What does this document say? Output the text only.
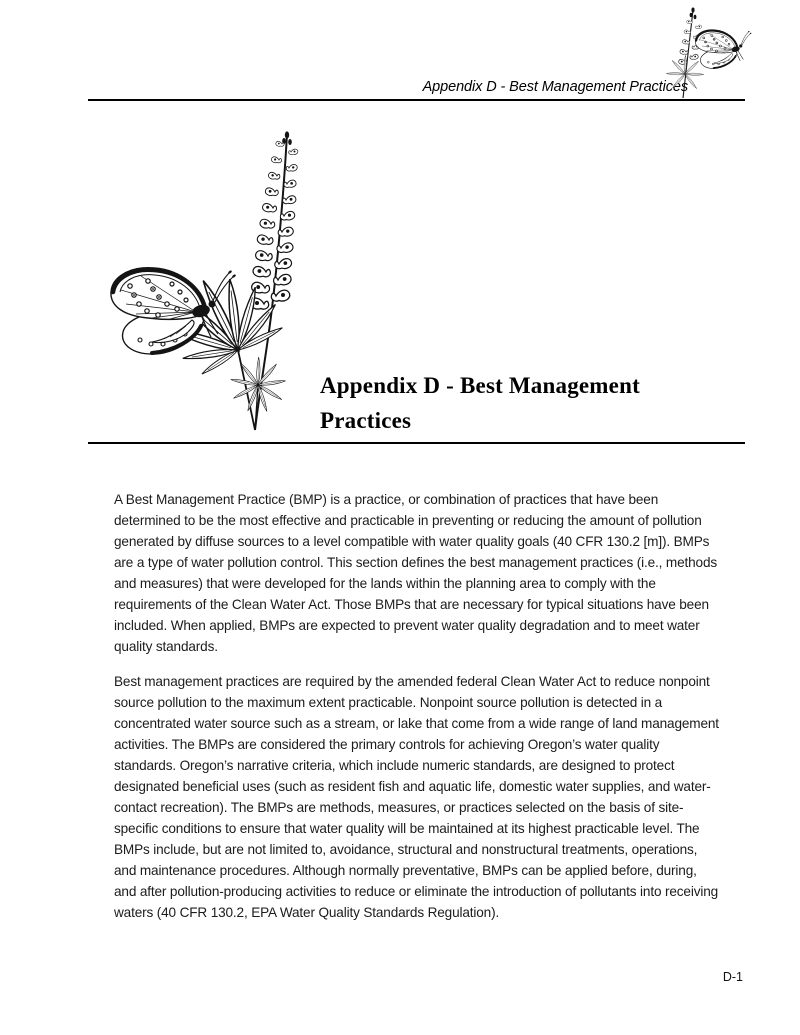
Appendix D - Best Management Practices
Appendix D - Best Management Practices

A Best Management Practice (BMP) is a practice, or combination of practices that have been determined to be the most effective and practicable in preventing or reducing the amount of pollution generated by diffuse sources to a level compatible with water quality goals (40 CFR 130.2 [m]). BMPs are a type of water pollution control. This section defines the best management practices (i.e., methods and measures) that were developed for the lands within the planning area to comply with the requirements of the Clean Water Act. Those BMPs that are necessary for typical situations have been included. When applied, BMPs are expected to prevent water quality degradation and to meet water quality standards.

Best management practices are required by the amended federal Clean Water Act to reduce nonpoint source pollution to the maximum extent practicable. Nonpoint source pollution is detected in a concentrated water source such as a stream, or lake that come from a wide range of land management activities. The BMPs are considered the primary controls for achieving Oregon’s water quality standards. Oregon’s narrative criteria, which include numeric standards, are designed to protect designated beneficial uses (such as resident fish and aquatic life, domestic water supplies, and water-contact recreation). The BMPs are methods, measures, or practices selected on the basis of site-specific conditions to ensure that water quality will be maintained at its highest practicable level. The BMPs include, but are not limited to, avoidance, structural and nonstructural treatments, operations, and maintenance procedures. Although normally preventative, BMPs can be applied before, during, and after pollution-producing activities to reduce or eliminate the introduction of pollutants into receiving waters (40 CFR 130.2, EPA Water Quality Standards Regulation).

D-1
